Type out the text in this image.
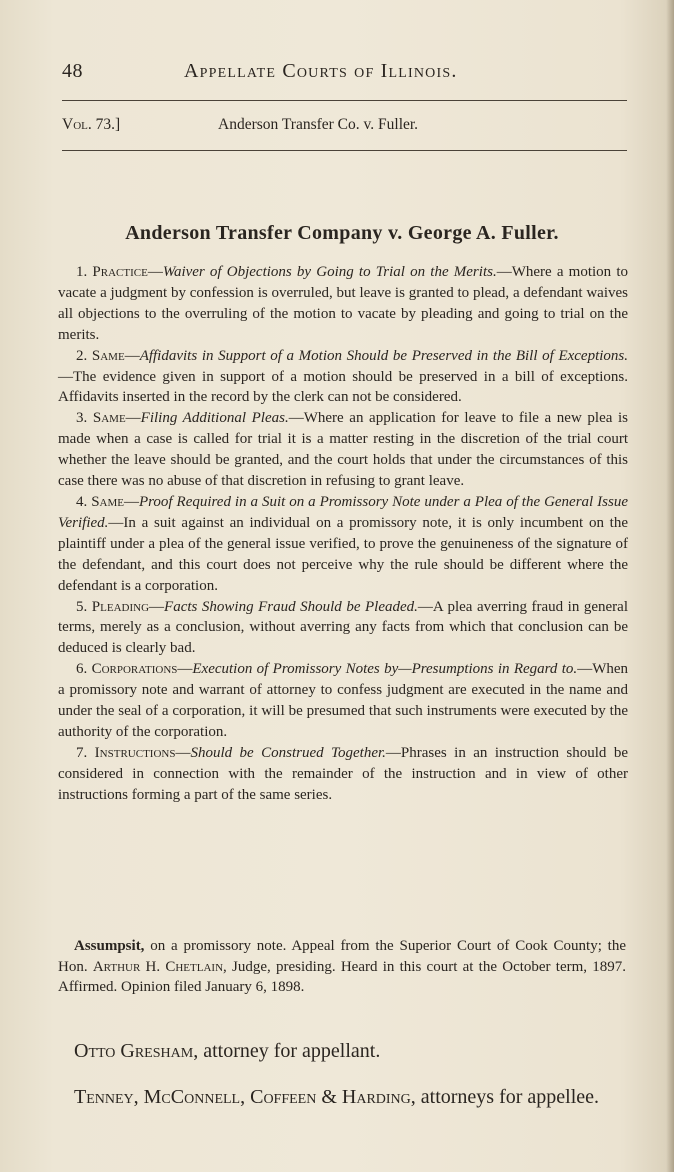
48	Appellate Courts of Illinois.
Vol. 73.]	Anderson Transfer Co. v. Fuller.
Anderson Transfer Company v. George A. Fuller.

1. Practice—Waiver of Objections by Going to Trial on the Merits.—Where a motion to vacate a judgment by confession is overruled, but leave is granted to plead, a defendant waives all objections to the overruling of the motion to vacate by pleading and going to trial on the merits.

2. Same—Affidavits in Support of a Motion Should be Preserved in the Bill of Exceptions.—The evidence given in support of a motion should be preserved in a bill of exceptions. Affidavits inserted in the record by the clerk can not be considered.

3. Same—Filing Additional Pleas.—Where an application for leave to file a new plea is made when a case is called for trial it is a matter resting in the discretion of the trial court whether the leave should be granted, and the court holds that under the circumstances of this case there was no abuse of that discretion in refusing to grant leave.

4. Same—Proof Required in a Suit on a Promissory Note under a Plea of the General Issue Verified.—In a suit against an individual on a promissory note, it is only incumbent on the plaintiff under a plea of the general issue verified, to prove the genuineness of the signature of the defendant, and this court does not perceive why the rule should be different where the defendant is a corporation.

5. Pleading—Facts Showing Fraud Should be Pleaded.—A plea averring fraud in general terms, merely as a conclusion, without averring any facts from which that conclusion can be deduced is clearly bad.

6. Corporations—Execution of Promissory Notes by—Presumptions in Regard to.—When a promissory note and warrant of attorney to confess judgment are executed in the name and under the seal of a corporation, it will be presumed that such instruments were executed by the authority of the corporation.

7. Instructions—Should be Construed Together.—Phrases in an instruction should be considered in connection with the remainder of the instruction and in view of other instructions forming a part of the same series.

Assumpsit, on a promissory note. Appeal from the Superior Court of Cook County; the Hon. Arthur H. Chetlain, Judge, presiding. Heard in this court at the October term, 1897. Affirmed. Opinion filed January 6, 1898.
Otto Gresham, attorney for appellant.
Tenney, McConnell, Coffeen & Harding, attorneys for appellee.
